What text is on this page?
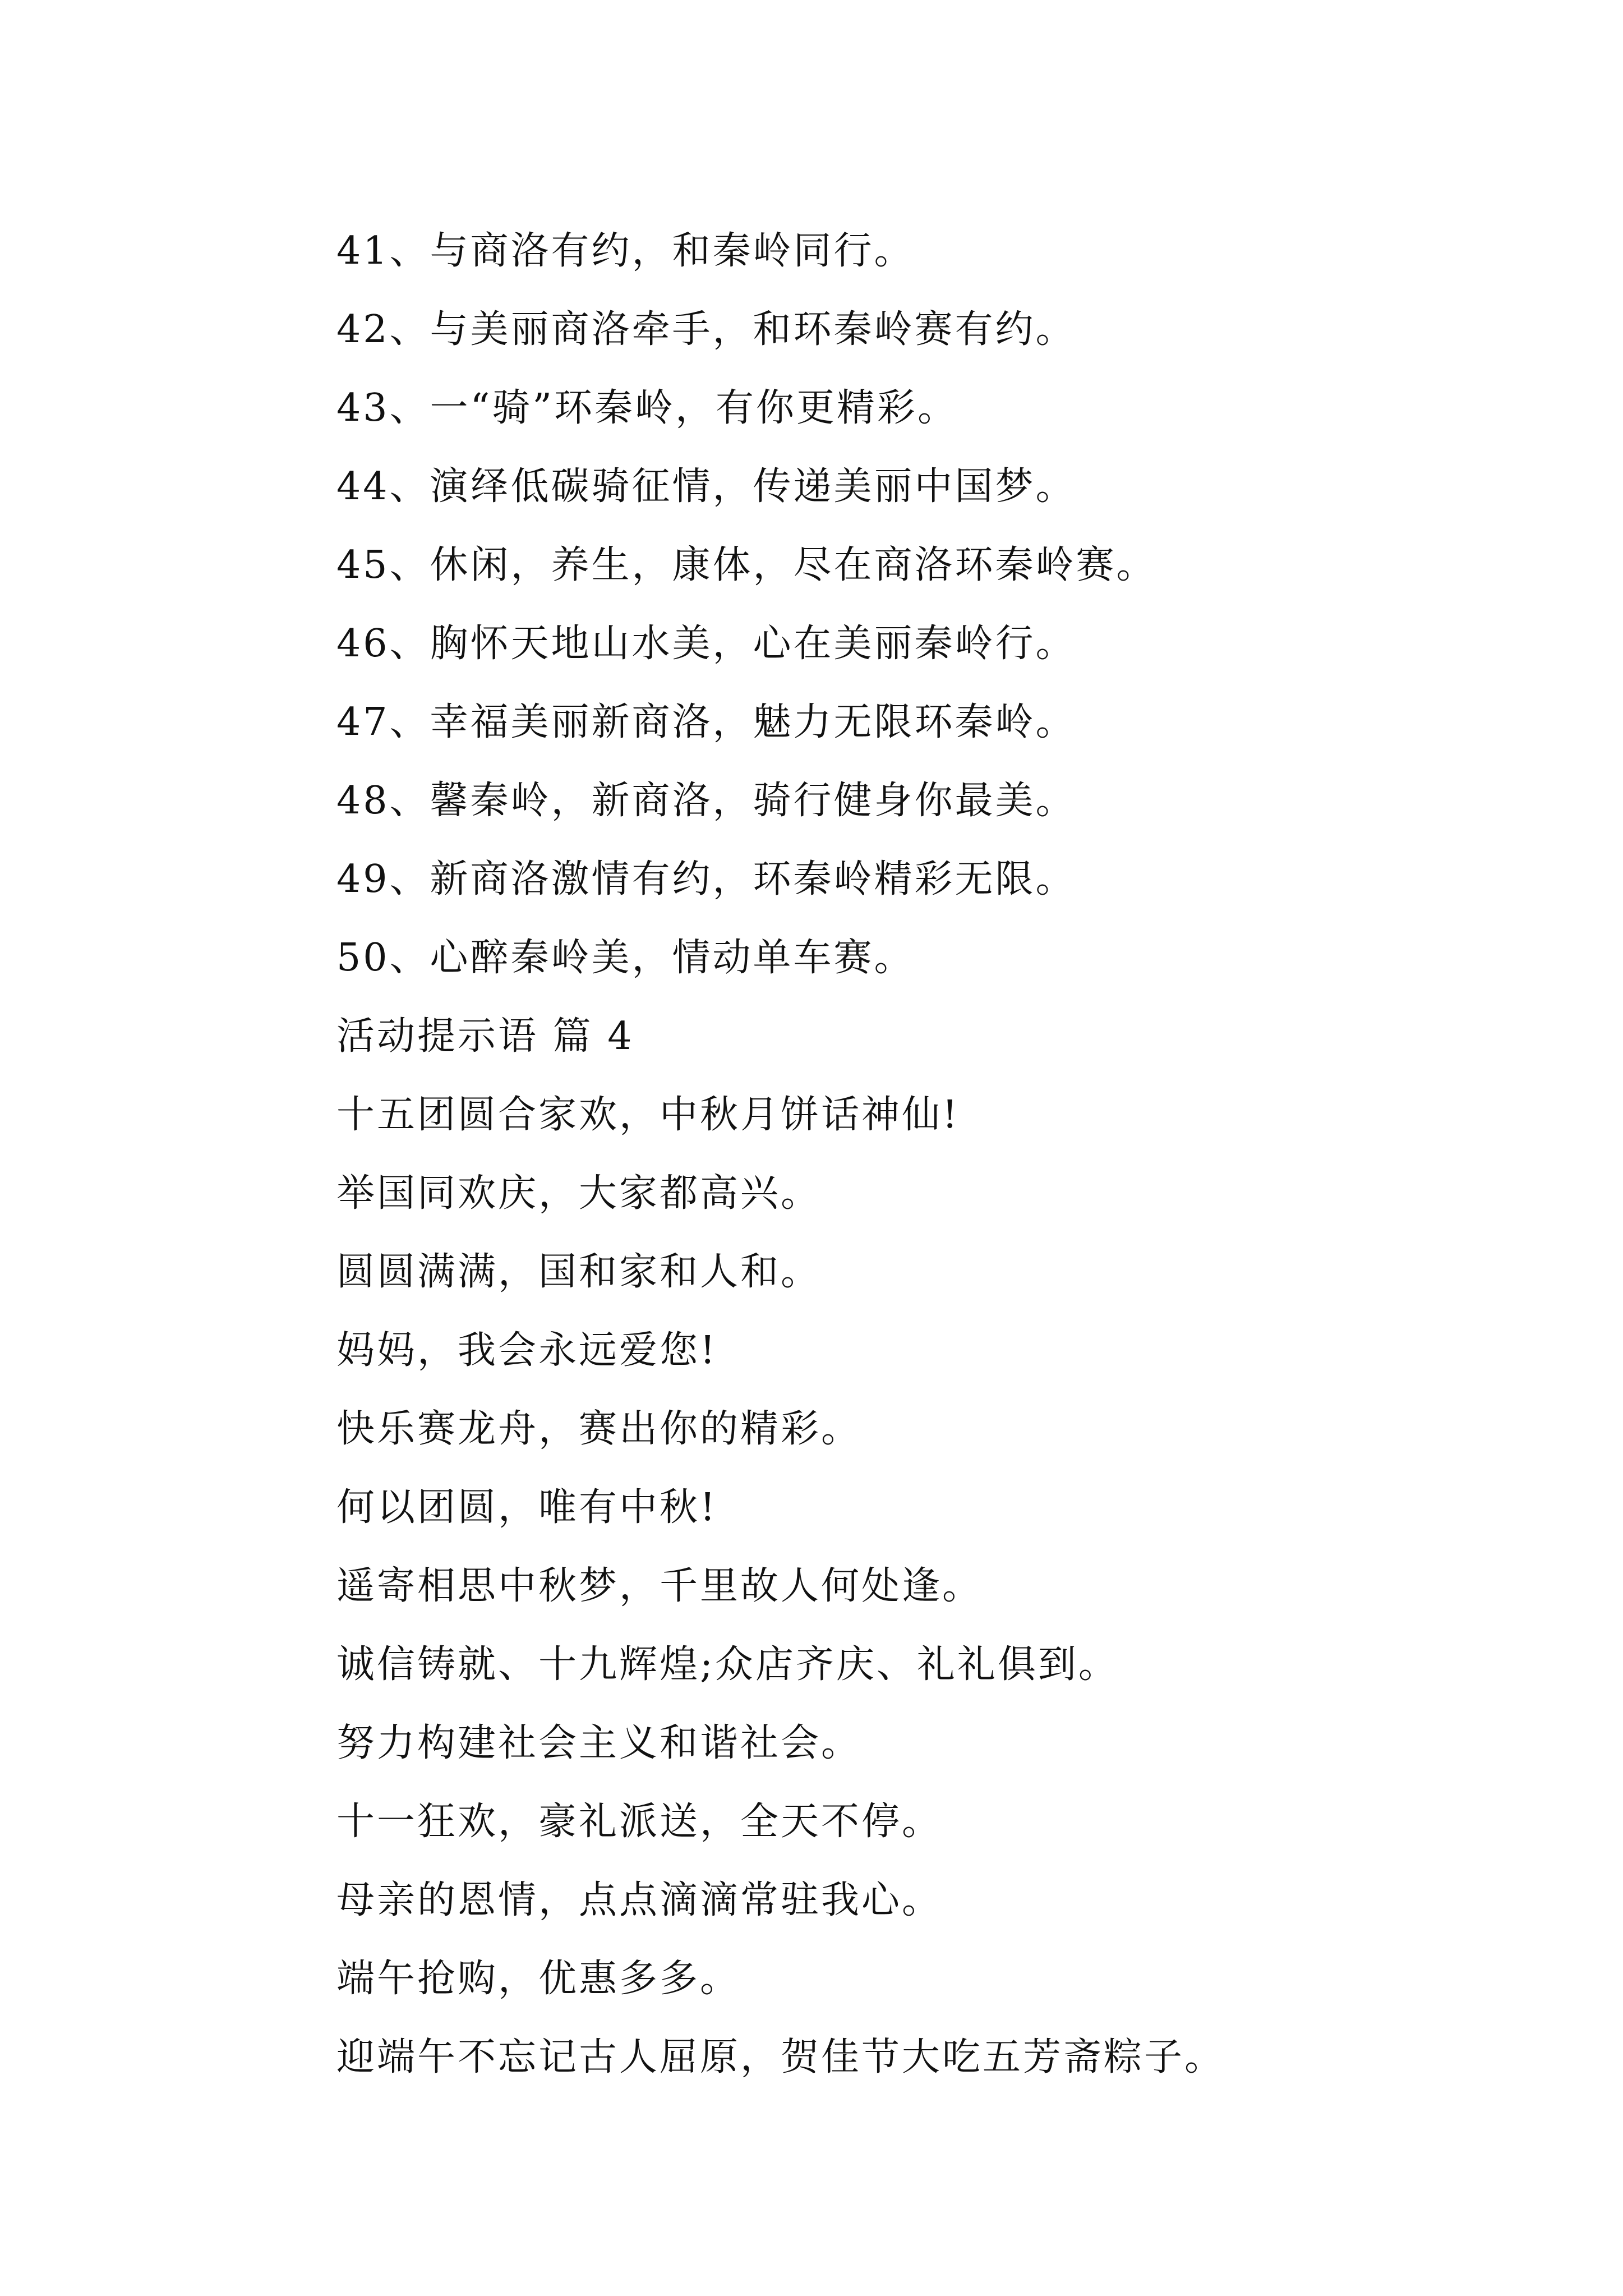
41、与商洛有约，和秦岭同行。
42、与美丽商洛牵手，和环秦岭赛有约。
43、一“骑”环秦岭，有你更精彩。
44、演绎低碳骑征情，传递美丽中国梦。
45、休闲，养生，康体，尽在商洛环秦岭赛。
46、胸怀天地山水美，心在美丽秦岭行。
47、幸福美丽新商洛，魅力无限环秦岭。
48、馨秦岭，新商洛，骑行健身你最美。
49、新商洛激情有约，环秦岭精彩无限。
50、心醉秦岭美，情动单车赛。
活动提示语 篇 4
十五团圆合家欢，中秋月饼话神仙!
举国同欢庆，大家都高兴。
圆圆满满，国和家和人和。
妈妈，我会永远爱您!
快乐赛龙舟，赛出你的精彩。
何以团圆，唯有中秋!
遥寄相思中秋梦，千里故人何处逢。
诚信铸就、十九辉煌;众店齐庆、礼礼俱到。
努力构建社会主义和谐社会。
十一狂欢，豪礼派送，全天不停。
母亲的恩情，点点滴滴常驻我心。
端午抢购，优惠多多。
迎端午不忘记古人屈原，贺佳节大吃五芳斋粽子。
